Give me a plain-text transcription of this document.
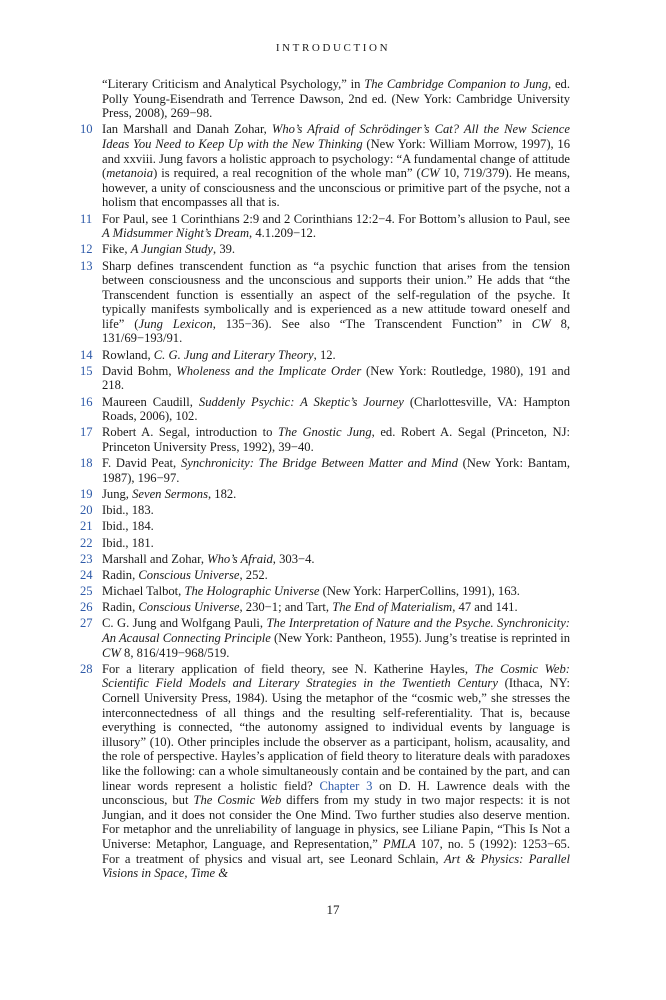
INTRODUCTION
“Literary Criticism and Analytical Psychology,” in The Cambridge Companion to Jung, ed. Polly Young-Eisendrath and Terrence Dawson, 2nd ed. (New York: Cambridge University Press, 2008), 269−98.
10 Ian Marshall and Danah Zohar, Who’s Afraid of Schrödinger’s Cat? All the New Science Ideas You Need to Keep Up with the New Thinking (New York: William Morrow, 1997), 16 and xxviii. Jung favors a holistic approach to psychology: “A fundamental change of attitude (metanoia) is required, a real recognition of the whole man” (CW 10, 719/379). He means, however, a unity of consciousness and the unconscious or primitive part of the psyche, not a holism that encompasses all that is.
11 For Paul, see 1 Corinthians 2:9 and 2 Corinthians 12:2−4. For Bottom’s allusion to Paul, see A Midsummer Night’s Dream, 4.1.209−12.
12 Fike, A Jungian Study, 39.
13 Sharp defines transcendent function as “a psychic function that arises from the tension between consciousness and the unconscious and supports their union.” He adds that “the Transcendent function is essentially an aspect of the self-regulation of the psyche. It typically manifests symbolically and is experienced as a new attitude toward oneself and life” (Jung Lexicon, 135−36). See also “The Transcendent Function” in CW 8, 131/69−193/91.
14 Rowland, C. G. Jung and Literary Theory, 12.
15 David Bohm, Wholeness and the Implicate Order (New York: Routledge, 1980), 191 and 218.
16 Maureen Caudill, Suddenly Psychic: A Skeptic’s Journey (Charlottesville, VA: Hampton Roads, 2006), 102.
17 Robert A. Segal, introduction to The Gnostic Jung, ed. Robert A. Segal (Princeton, NJ: Princeton University Press, 1992), 39−40.
18 F. David Peat, Synchronicity: The Bridge Between Matter and Mind (New York: Bantam, 1987), 196−97.
19 Jung, Seven Sermons, 182.
20 Ibid., 183.
21 Ibid., 184.
22 Ibid., 181.
23 Marshall and Zohar, Who’s Afraid, 303−4.
24 Radin, Conscious Universe, 252.
25 Michael Talbot, The Holographic Universe (New York: HarperCollins, 1991), 163.
26 Radin, Conscious Universe, 230−1; and Tart, The End of Materialism, 47 and 141.
27 C. G. Jung and Wolfgang Pauli, The Interpretation of Nature and the Psyche. Synchronicity: An Acausal Connecting Principle (New York: Pantheon, 1955). Jung’s treatise is reprinted in CW 8, 816/419−968/519.
28 For a literary application of field theory, see N. Katherine Hayles, The Cosmic Web: Scientific Field Models and Literary Strategies in the Twentieth Century (Ithaca, NY: Cornell University Press, 1984). Using the metaphor of the “cosmic web,” she stresses the interconnectedness of all things and the resulting self-referentiality. That is, because everything is connected, “the autonomy assigned to individual events by language is illusory” (10). Other principles include the observer as a participant, holism, acausality, and the role of perspective. Hayles’s application of field theory to literature deals with paradoxes like the following: can a whole simultaneously contain and be contained by the part, and can linear words represent a holistic field? Chapter 3 on D. H. Lawrence deals with the unconscious, but The Cosmic Web differs from my study in two major respects: it is not Jungian, and it does not consider the One Mind. Two further studies also deserve mention. For metaphor and the unreliability of language in physics, see Liliane Papin, “This Is Not a Universe: Metaphor, Language, and Representation,” PMLA 107, no. 5 (1992): 1253−65. For a treatment of physics and visual art, see Leonard Schlain, Art & Physics: Parallel Visions in Space, Time &
17
